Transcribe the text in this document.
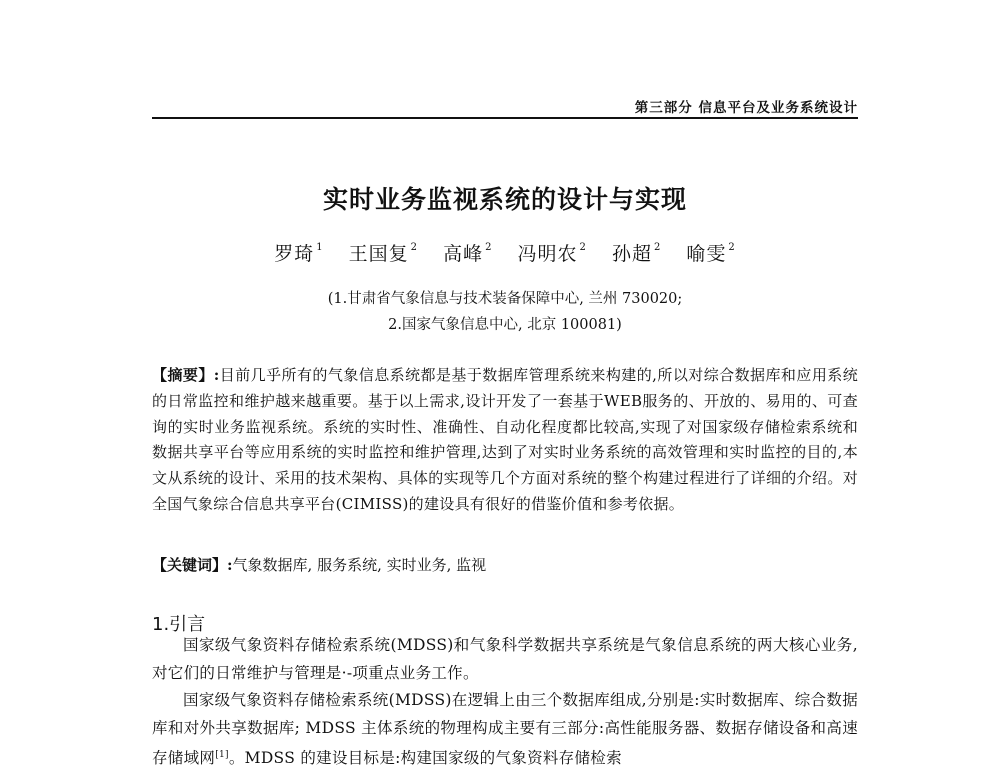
第三部分 信息平台及业务系统设计
实时业务监视系统的设计与实现
罗琦 $^1$ 王国复 $^2$ 高峰 $^2$ 冯明农 $^2$ 孙超 $^2$ 喻雯 $^2$
(1.甘肃省气象信息与技术装备保障中心, 兰州 730020;
2.国家气象信息中心, 北京 100081)
【摘要】:目前几乎所有的气象信息系统都是基于数据库管理系统来构建的,所以对综合数据库和应用系统的日常监控和维护越来越重要。基于以上需求,设计开发了一套基于WEB服务的、开放的、易用的、可查询的实时业务监视系统。系统的实时性、准确性、自动化程度都比较高,实现了对国家级存储检索系统和数据共享平台等应用系统的实时监控和维护管理,达到了对实时业务系统的高效管理和实时监控的目的,本文从系统的设计、采用的技术架构、具体的实现等几个方面对系统的整个构建过程进行了详细的介绍。对全国气象综合信息共享平台(CIMISS)的建设具有很好的借鉴价值和参考依据。
【关键词】:气象数据库, 服务系统, 实时业务, 监视
1.引言

国家级气象资料存储检索系统(MDSS)和气象科学数据共享系统是气象信息系统的两大核心业务,对它们的日常维护与管理是·-项重点业务工作。

国家级气象资料存储检索系统(MDSS)在逻辑上由三个数据库组成,分别是:实时数据库、综合数据库和对外共享数据库; MDSS 主体系统的物理构成主要有三部分:高性能服务器、数据存储设备和高速存储域网[1]。MDSS 的建设目标是:构建国家级的气象资料存储检索
